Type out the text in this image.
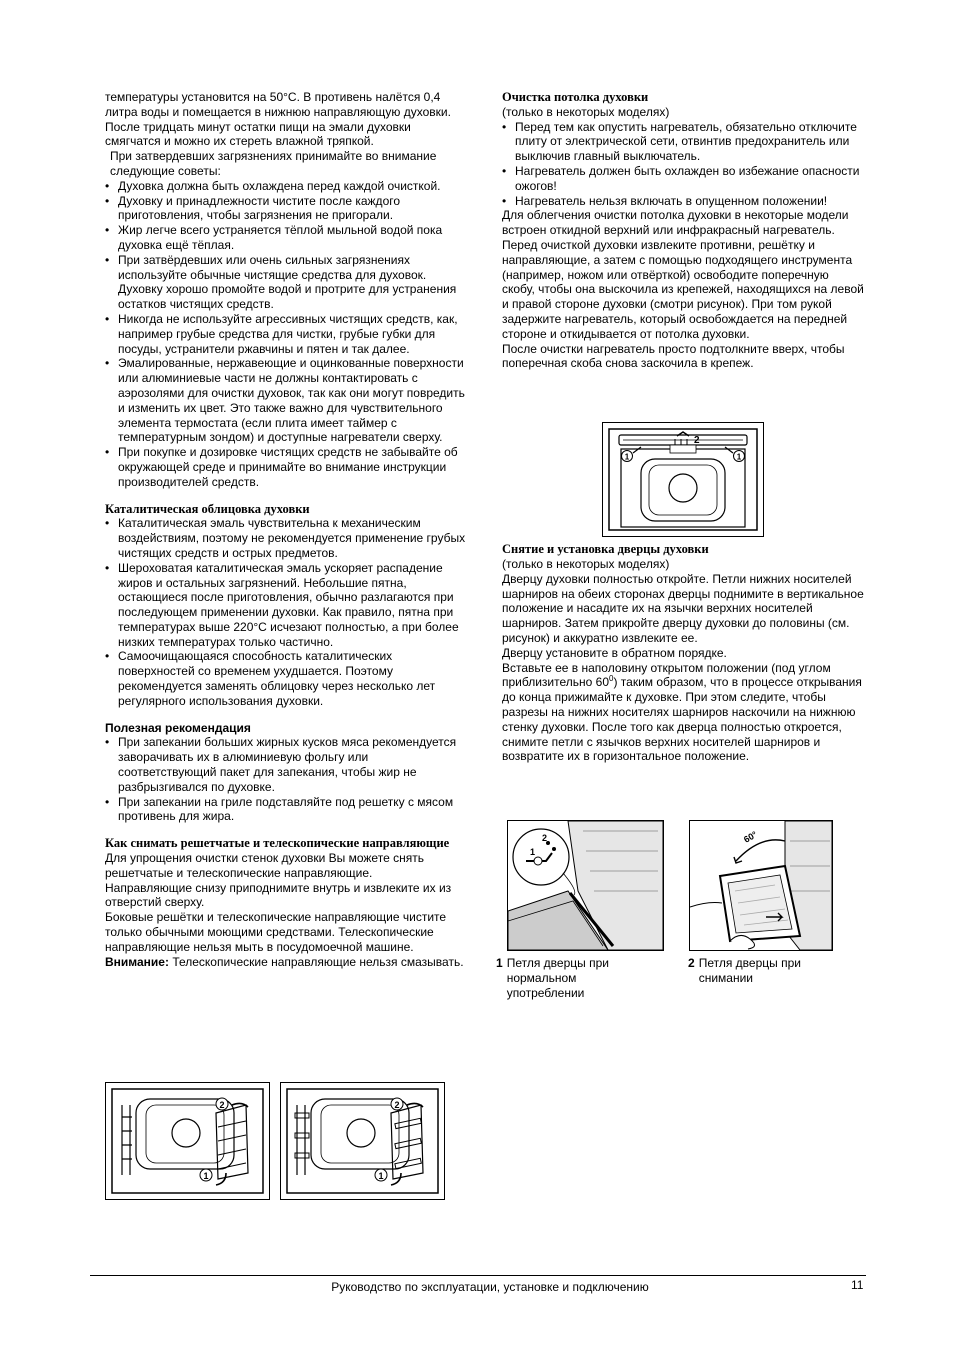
температуры установится на 50°C. В противень налётся 0,4 литра воды и помещается в нижнюю направляющую духовки. После тридцать минут остатки пищи на эмали духовки смягчатся и можно их стереть влажной тряпкой.

При затвердевших загрязнениях принимайте во внимание следующие советы:

• Духовка должна быть охлаждена перед каждой очисткой.
• Духовку и принадлежности чистите после каждого приготовления, чтобы загрязнения не пригорали.
• Жир легче всего устраняется тёплой мыльной водой пока духовка ещё тёплая.
• При затвёрдевших или очень сильных загрязнениях используйте обычные чистящие средства для духовок. Духовку хорошо промойте водой и протрите для устранения остатков чистящих средств.
• Никогда не используйте агрессивных чистящих средств, как, например грубые средства для чистки, грубые губки для посуды, устранители ржавчины и пятен и так далее.
• Эмалированные, нержавеющие и оцинкованные поверхности или алюминиевые части не должны контактировать с аэрозолями для очистки духовок, так как они могут повредить и изменить их цвет. Это также важно для чувствительного элемента термостата (если плита имеет таймер с температурным зондом) и доступные нагреватели сверху.
• При покупке и дозировке чистящих средств не забывайте об окружающей среде и принимайте во внимание инструкции производителей средств.

Каталитическая облицовка духовки

• Каталитическая эмаль чувствительна к механическим воздействиям, поэтому не рекомендуется применение грубых чистящих средств и острых предметов.
• Шероховатая каталитическая эмаль ускоряет распадение жиров и остальных загрязнений. Небольшие пятна, остающиеся после приготовления, обычно разлагаются при последующем применении духовки. Как правило, пятна при температурах выше 220°C исчезают полностью, а при более низких температурах только частично.
• Самоочищающаяся способность каталитических поверхностей со временем ухудшается. Поэтому рекомендуется заменять облицовку через несколько лет регулярного использования духовки.

Полезная рекомендация

• При запекании больших жирных кусков мяса рекомендуется заворачивать их в алюминиевую фольгу или соответствующий пакет для запекания, чтобы жир не разбрызгивался по духовке.
• При запекании на гриле подставляйте под решетку с мясом противень для жира.

Как снимать решетчатые и телескопические направляющие

Для упрощения очистки стенок духовки Вы можете снять решетчатые и телескопические направляющие.

Направляющие снизу приподнимите внутрь и извлеките их из отверстий сверху.

Боковые решётки и телескопические направляющие чистите только обычными моющими средствами. Телескопические направляющие нельзя мыть в посудомоечной машине.

Внимание: Телескопические направляющие нельзя смазывать.

Очистка потолка духовки

(только в некоторых моделях)

• Перед тем как опустить нагреватель, обязательно отключите плиту от электрической сети, отвинтив предохранитель или выключив главный выключатель.
• Нагреватель должен быть охлажден во избежание опасности ожогов!
• Нагреватель нельзя включать в опущенном положении!

Для облегчения очистки потолка духовки в некоторые модели встроен откидной верхний или инфракрасный нагреватель.

Перед очисткой духовки извлеките противни, решётку и направляющие, а затем с помощью подходящего инструмента (например, ножом или отвёрткой) освободите поперечную скобу, чтобы она выскочила из крепежей, находящихся на левой и правой стороне духовки (смотри рисунок). При том рукой задержите нагреватель, который освобождается на передней стороне и откидывается от потолка духовки.

После очистки нагреватель просто подтолкните вверх, чтобы поперечная скоба снова заскочила в крепеж.

Снятие и установка дверцы духовки

(только в некоторых моделях)

Дверцу духовки полностью откройте. Петли нижних носителей шарниров на обеих сторонах дверцы поднимите в вертикальное положение и насадите их на язычки верхних носителей шарниров. Затем прикройте дверцу духовки до половины (см. рисунок) и аккуратно извлеките ее.

Дверцу установите в обратном порядке.

Вставьте ее в наполовину открытом положении (под углом приблизительно $60^0$) таким образом, что в процессе открывания до конца прижимайте к духовке. При этом следите, чтобы разрезы на нижних носителях шарниров наскочили на нижнюю стенку духовки. После того как дверца полностью откроется, снимите петли с язычков верхних носителей шарниров и возвратите их в горизонтальное положение.

1	1
2
2
1
60°
1 Петля дверцы при нормальном употреблении
2 Петля дверцы при снимании
2
1
2
1
Руководство по эксплуатации, установке и подключению	11
